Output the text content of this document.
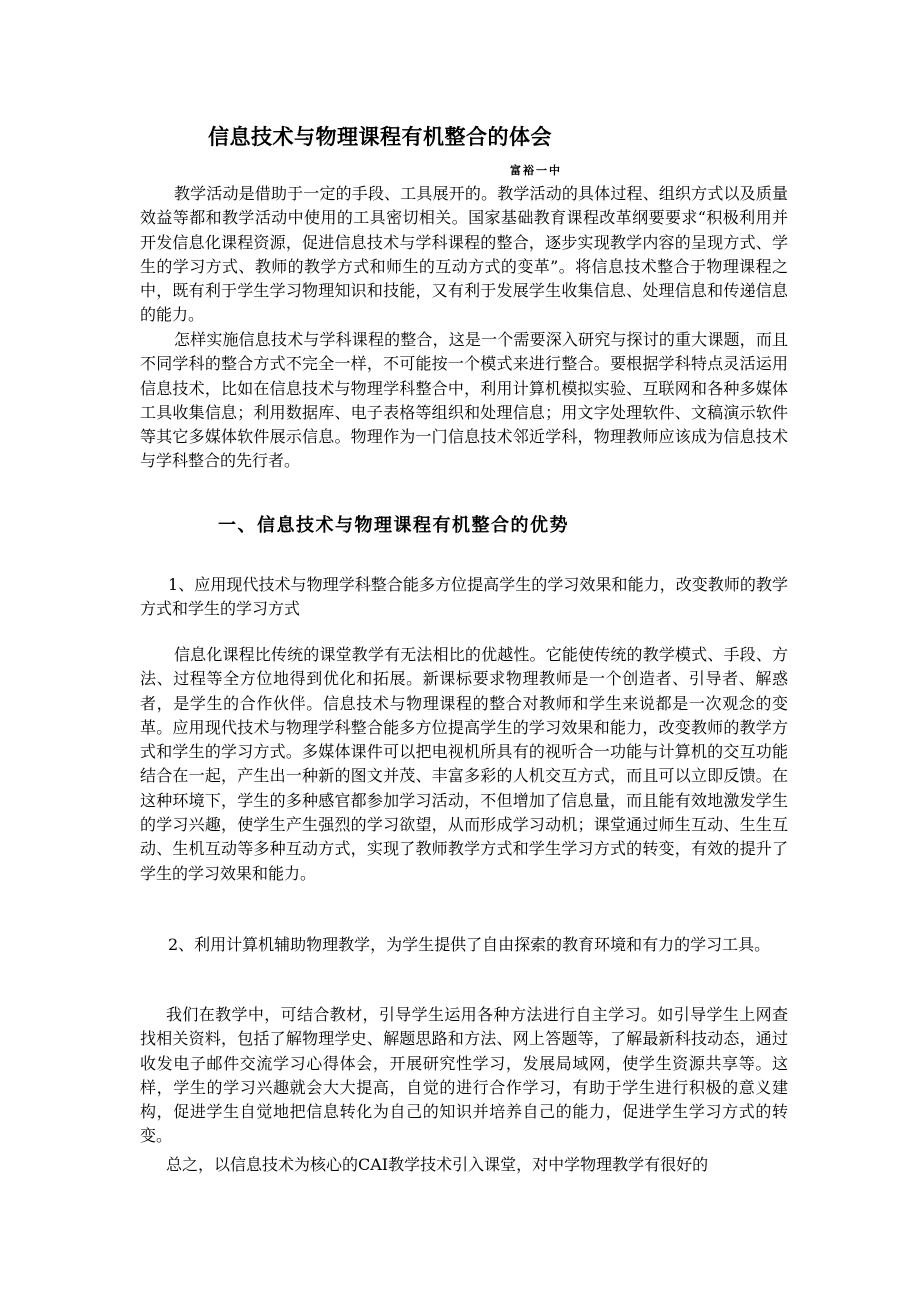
信息技术与物理课程有机整合的体会
富裕一中

教学活动是借助于一定的手段、工具展开的。教学活动的具体过程、组织方式以及质量效益等都和教学活动中使用的工具密切相关。国家基础教育课程改革纲要要求“积极利用并开发信息化课程资源，促进信息技术与学科课程的整合，逐步实现教学内容的呈现方式、学生的学习方式、教师的教学方式和师生的互动方式的变革”。将信息技术整合于物理课程之中，既有利于学生学习物理知识和技能，又有利于发展学生收集信息、处理信息和传递信息的能力。

怎样实施信息技术与学科课程的整合，这是一个需要深入研究与探讨的重大课题，而且不同学科的整合方式不完全一样，不可能按一个模式来进行整合。要根据学科特点灵活运用信息技术，比如在信息技术与物理学科整合中，利用计算机模拟实验、互联网和各种多媒体工具收集信息；利用数据库、电子表格等组织和处理信息；用文字处理软件、文稿演示软件等其它多媒体软件展示信息。物理作为一门信息技术邻近学科，物理教师应该成为信息技术与学科整合的先行者。

一、信息技术与物理课程有机整合的优势

1、应用现代技术与物理学科整合能多方位提高学生的学习效果和能力，改变教师的教学方式和学生的学习方式

信息化课程比传统的课堂教学有无法相比的优越性。它能使传统的教学模式、手段、方法、过程等全方位地得到优化和拓展。新课标要求物理教师是一个创造者、引导者、解惑者，是学生的合作伙伴。信息技术与物理课程的整合对教师和学生来说都是一次观念的变革。应用现代技术与物理学科整合能多方位提高学生的学习效果和能力，改变教师的教学方式和学生的学习方式。多媒体课件可以把电视机所具有的视听合一功能与计算机的交互功能结合在一起，产生出一种新的图文并茂、丰富多彩的人机交互方式，而且可以立即反馈。在这种环境下，学生的多种感官都参加学习活动，不但增加了信息量，而且能有效地激发学生的学习兴趣，使学生产生强烈的学习欲望，从而形成学习动机；课堂通过师生互动、生生互动、生机互动等多种互动方式，实现了教师教学方式和学生学习方式的转变，有效的提升了学生的学习效果和能力。

2、利用计算机辅助物理教学，为学生提供了自由探索的教育环境和有力的学习工具。

我们在教学中，可结合教材，引导学生运用各种方法进行自主学习。如引导学生上网查找相关资料，包括了解物理学史、解题思路和方法、网上答题等，了解最新科技动态，通过收发电子邮件交流学习心得体会，开展研究性学习，发展局域网，使学生资源共享等。这样，学生的学习兴趣就会大大提高，自觉的进行合作学习，有助于学生进行积极的意义建构，促进学生自觉地把信息转化为自己的知识并培养自己的能力，促进学生学习方式的转变。

总之，以信息技术为核心的CAI教学技术引入课堂，对中学物理教学有很好的
